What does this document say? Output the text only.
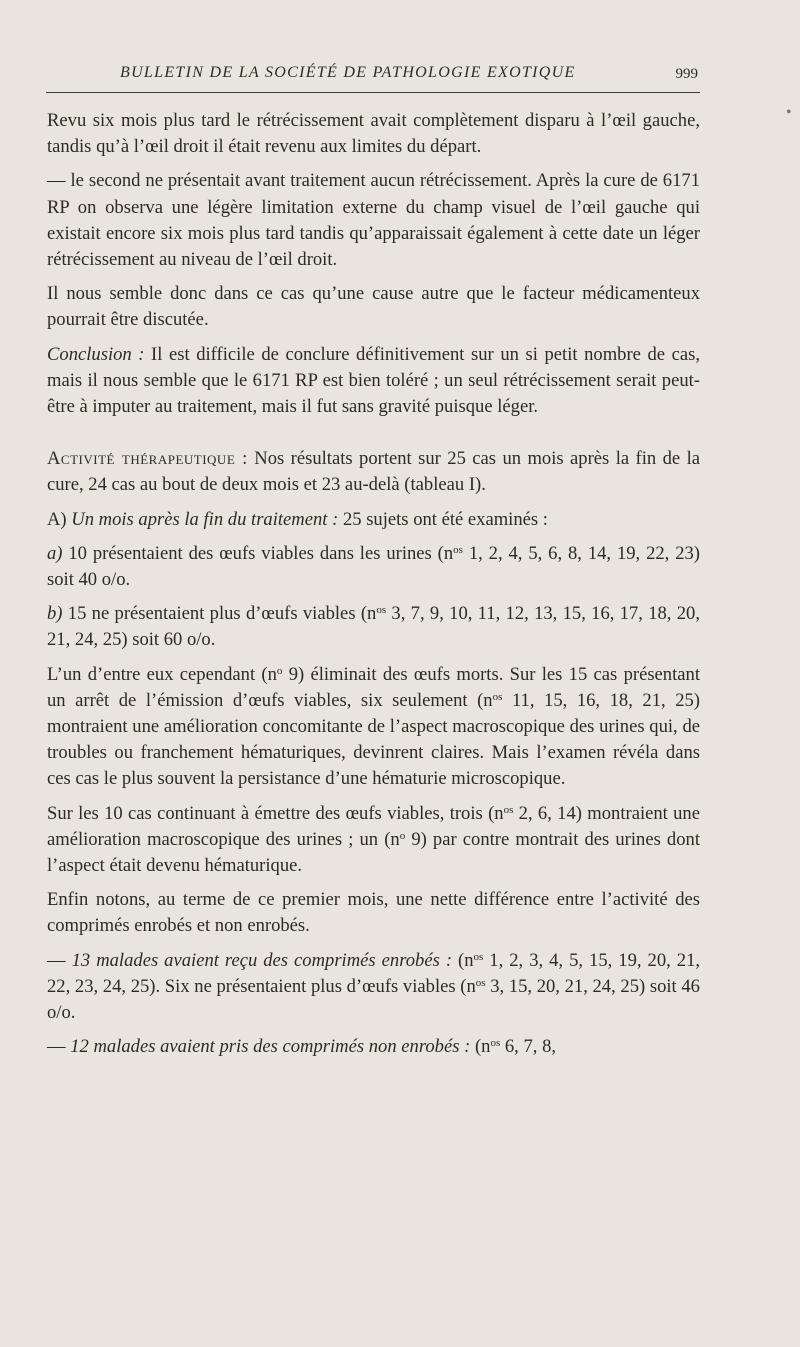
BULLETIN DE LA SOCIÉTÉ DE PATHOLOGIE EXOTIQUE	999
•

Revu six mois plus tard le rétrécissement avait complètement disparu à l’œil gauche, tandis qu’à l’œil droit il était revenu aux limites du départ.

— le second ne présentait avant traitement aucun rétrécissement. Après la cure de 6171 RP on observa une légère limitation externe du champ visuel de l’œil gauche qui existait encore six mois plus tard tandis qu’apparaissait également à cette date un léger rétrécissement au niveau de l’œil droit.

Il nous semble donc dans ce cas qu’une cause autre que le facteur médicamenteux pourrait être discutée.

Conclusion : Il est difficile de conclure définitivement sur un si petit nombre de cas, mais il nous semble que le 6171 RP est bien toléré ; un seul rétrécissement serait peut-être à imputer au traitement, mais il fut sans gravité puisque léger.

Activité thérapeutique : Nos résultats portent sur 25 cas un mois après la fin de la cure, 24 cas au bout de deux mois et 23 au-delà (tableau I).

A) Un mois après la fin du traitement : 25 sujets ont été examinés :

a) 10 présentaient des œufs viables dans les urines ($n^{os}$ 1, 2, 4, 5, 6, 8, 14, 19, 22, 23) soit 40 o/o.

b) 15 ne présentaient plus d’œufs viables ($n^{os}$ 3, 7, 9, 10, 11, 12, 13, 15, 16, 17, 18, 20, 21, 24, 25) soit 60 o/o.

L’un d’entre eux cependant ($n^o$ 9) éliminait des œufs morts. Sur les 15 cas présentant un arrêt de l’émission d’œufs viables, six seulement ($n^{os}$ 11, 15, 16, 18, 21, 25) montraient une amélioration concomitante de l’aspect macroscopique des urines qui, de troubles ou franchement hématuriques, devinrent claires. Mais l’examen révéla dans ces cas le plus souvent la persistance d’une hématurie microscopique.

Sur les 10 cas continuant à émettre des œufs viables, trois ($n^{os}$ 2, 6, 14) montraient une amélioration macroscopique des urines ; un ($n^o$ 9) par contre montrait des urines dont l’aspect était devenu hématurique.

Enfin notons, au terme de ce premier mois, une nette différence entre l’activité des comprimés enrobés et non enrobés.

— 13 malades avaient reçu des comprimés enrobés : ($n^{os}$ 1, 2, 3, 4, 5, 15, 19, 20, 21, 22, 23, 24, 25). Six ne présentaient plus d’œufs viables ($n^{os}$ 3, 15, 20, 21, 24, 25) soit 46 o/o.

— 12 malades avaient pris des comprimés non enrobés : ($n^{os}$ 6, 7, 8,
